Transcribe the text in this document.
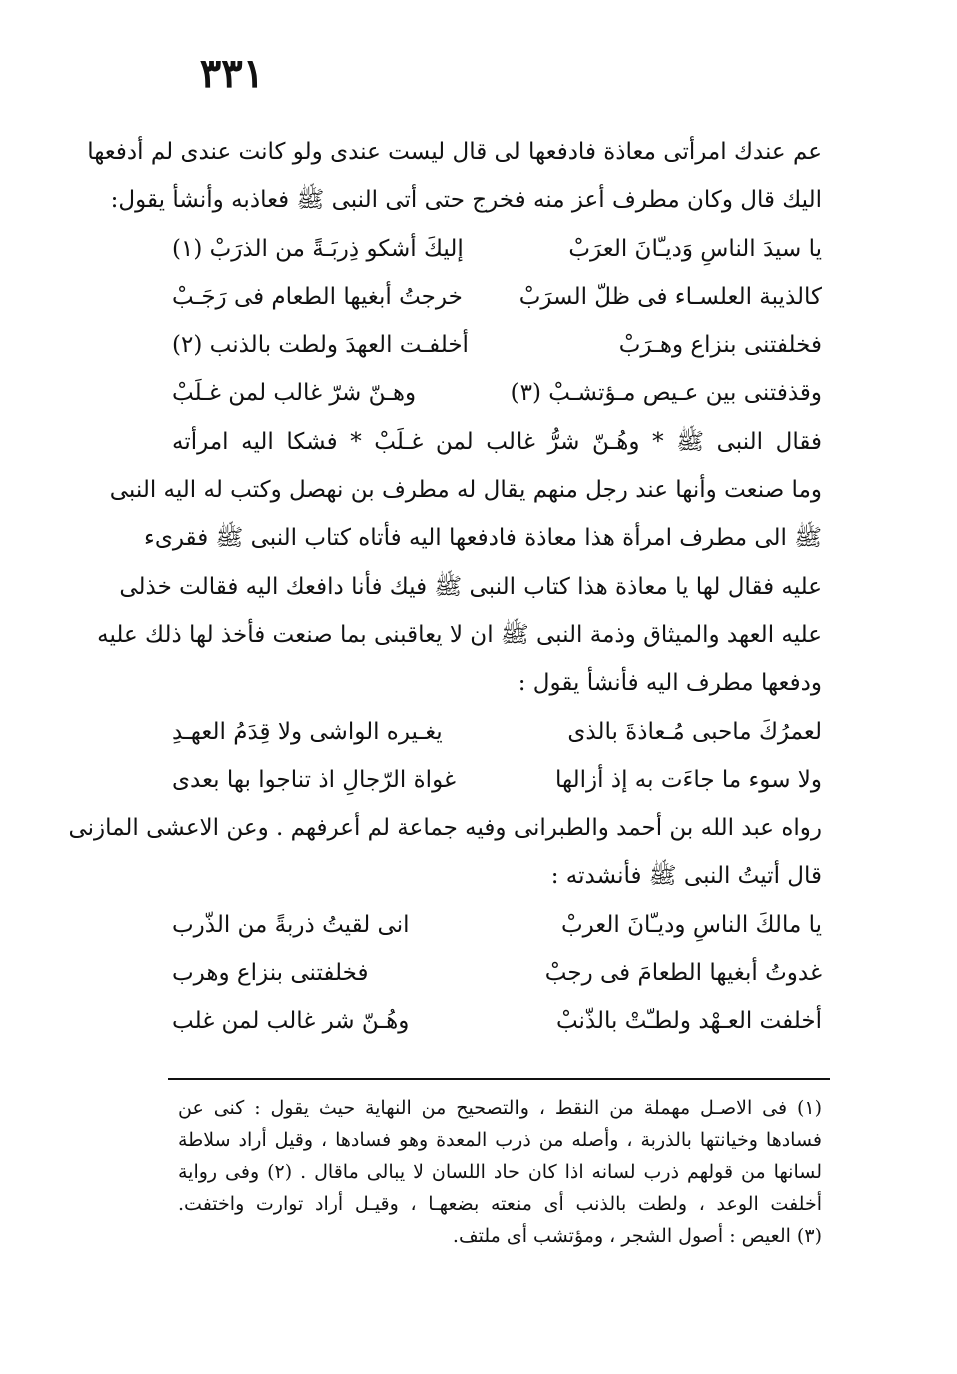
٣٣١
عم عندك امرأتى معاذة فادفعها لى قال ليست عندى ولو كانت عندى لم أدفعها
اليك قال وكان مطرف أعز منه فخرج حتى أتى النبى ﷺ فعاذبه وأنشأ يقول:
يا سيدَ الناسِ وَديـّانَ العرَبْ
إليكَ أشكو ذِربَـةً من الذرَبْ (١)
كالذيبة العلسـاء فى ظلّ السرَبْ
خرجتُ أبغيها الطعام فى رَجَـبْ
فخلفتنى بنزاع وهـرَبْ
أخلفـت العهدَ ولطت بالذنب (٢)
وقذفتنى بين عـيص مـؤتشـبْ (٣)
وهـنّ شرّ غالب لمن غـلَبْ
فقال النبى ﷺ * وهُـنّ شرُّ غالب لمن غـلَبْ * فشكا اليه امرأته
وما صنعت وأنها عند رجل منهم يقال له مطرف بن نهصل وكتب له اليه النبى
ﷺ الى مطرف امرأة هذا معاذة فادفعها اليه فأتاه كتاب النبى ﷺ فقرىء
عليه فقال لها يا معاذة هذا كتاب النبى ﷺ فيك فأنا دافعك اليه فقالت خذلى
عليه العهد والميثاق وذمة النبى ﷺ ان لا يعاقبنى بما صنعت فأخذ لها ذلك عليه
ودفعها مطرف اليه فأنشأ يقول :
لعمرُكَ ماحبى مُـعاذةَ بالذى
يغـيره الواشى ولا قِدَمُ العهـدِ
ولا سوء ما جاءَت به إذ أزالها
غواة الرّجالِ اذ تناجوا بها بعدى
رواه عبد الله بن أحمد والطبرانى وفيه جماعة لم أعرفهم . وعن الاعشى المازنى
قال أتيتُ النبى ﷺ فأنشدته :
يا مالكَ الناسِ وديـّانَ العربْ
انى لقيتُ ذربةً من الذّرب
غدوتُ أبغيها الطعامَ فى رجبْ
فخلفتنى بنزاع وهرب
أخلفت العـهْد ولطـّتْ بالذّنبْ
وهُـنّ شر غالب لمن غلب
(١) فى الاصـل مهملة من النقط ، والتصحيح من النهاية حيث يقول : كنى عن
فسادها وخيانتها بالذربة ، وأصله من ذرب المعدة وهو فسادها ، وقيل أراد سلاطة
لسانها من قولهم ذرب لسانه اذا كان حاد اللسان لا يبالى ماقال . (٢) وفى رواية
أخلفت الوعد ، ولطت بالذنب أى منعته بضعهـا ، وقيـل أراد توارت واختفت.
(٣) العيص : أصول الشجر ، ومؤتشب أى ملتف.
